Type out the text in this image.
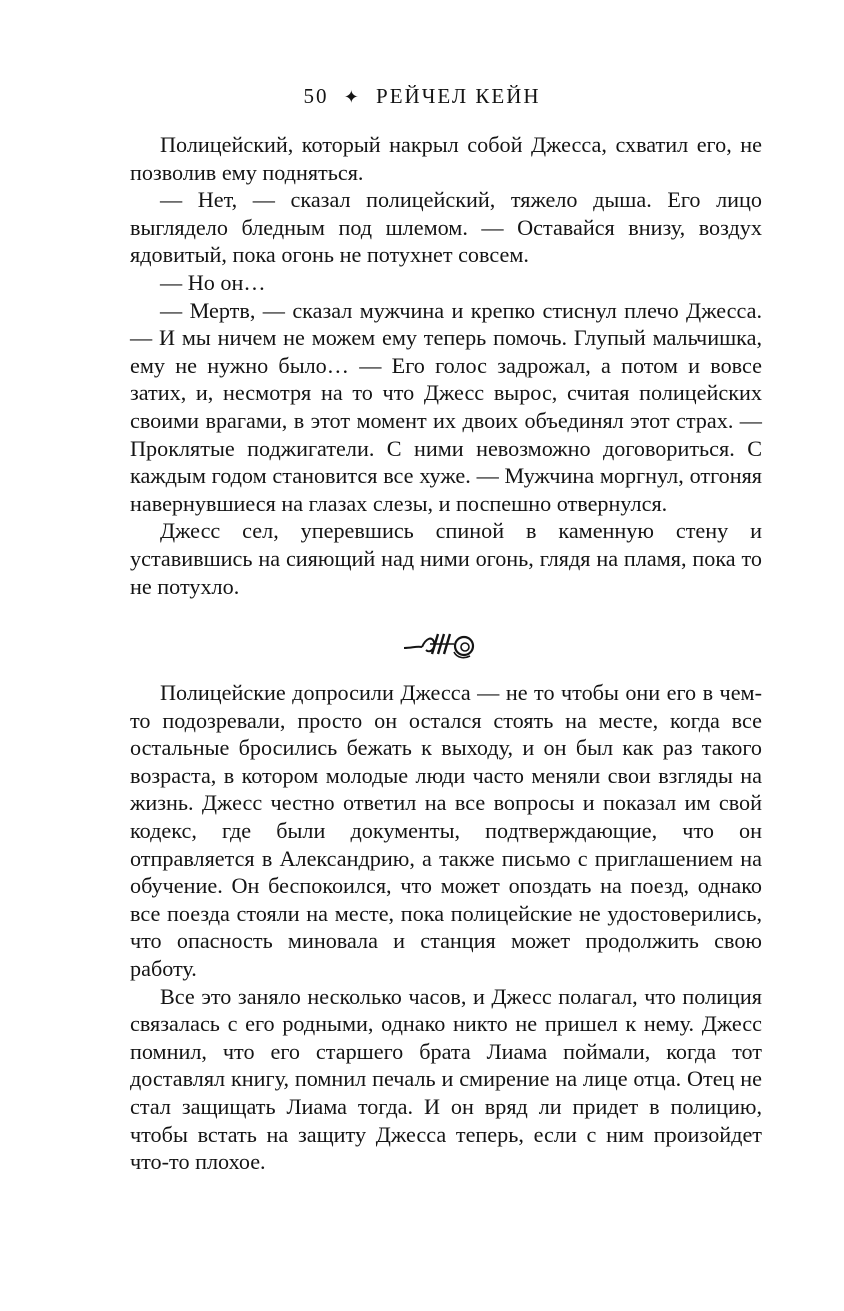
50 ✦ РЕЙЧЕЛ КЕЙН

Полицейский, который накрыл собой Джесса, схватил его, не позволив ему подняться.

— Нет, — сказал полицейский, тяжело дыша. Его лицо выглядело бледным под шлемом. — Оставайся внизу, воздух ядовитый, пока огонь не потухнет совсем.

— Но он…

— Мертв, — сказал мужчина и крепко стиснул плечо Джесса. — И мы ничем не можем ему теперь помочь. Глупый мальчишка, ему не нужно было… — Его голос задрожал, а потом и вовсе затих, и, несмотря на то что Джесс вырос, считая полицейских своими врагами, в этот момент их двоих объединял этот страх. — Проклятые поджигатели. С ними невозможно договориться. С каждым годом становится все хуже. — Мужчина моргнул, отгоняя навернувшиеся на глазах слезы, и поспешно отвернулся.

Джесс сел, уперевшись спиной в каменную стену и уставившись на сияющий над ними огонь, глядя на пламя, пока то не потухло.

Полицейские допросили Джесса — не то чтобы они его в чем-то подозревали, просто он остался стоять на месте, когда все остальные бросились бежать к выходу, и он был как раз такого возраста, в котором молодые люди часто меняли свои взгляды на жизнь. Джесс честно ответил на все вопросы и показал им свой кодекс, где были документы, подтверждающие, что он отправляется в Александрию, а также письмо с приглашением на обучение. Он беспокоился, что может опоздать на поезд, однако все поезда стояли на месте, пока полицейские не удостоверились, что опасность миновала и станция может продолжить свою работу.

Все это заняло несколько часов, и Джесс полагал, что полиция связалась с его родными, однако никто не пришел к нему. Джесс помнил, что его старшего брата Лиама поймали, когда тот доставлял книгу, помнил печаль и смирение на лице отца. Отец не стал защищать Лиама тогда. И он вряд ли придет в полицию, чтобы встать на защиту Джесса теперь, если с ним произойдет что-то плохое.
